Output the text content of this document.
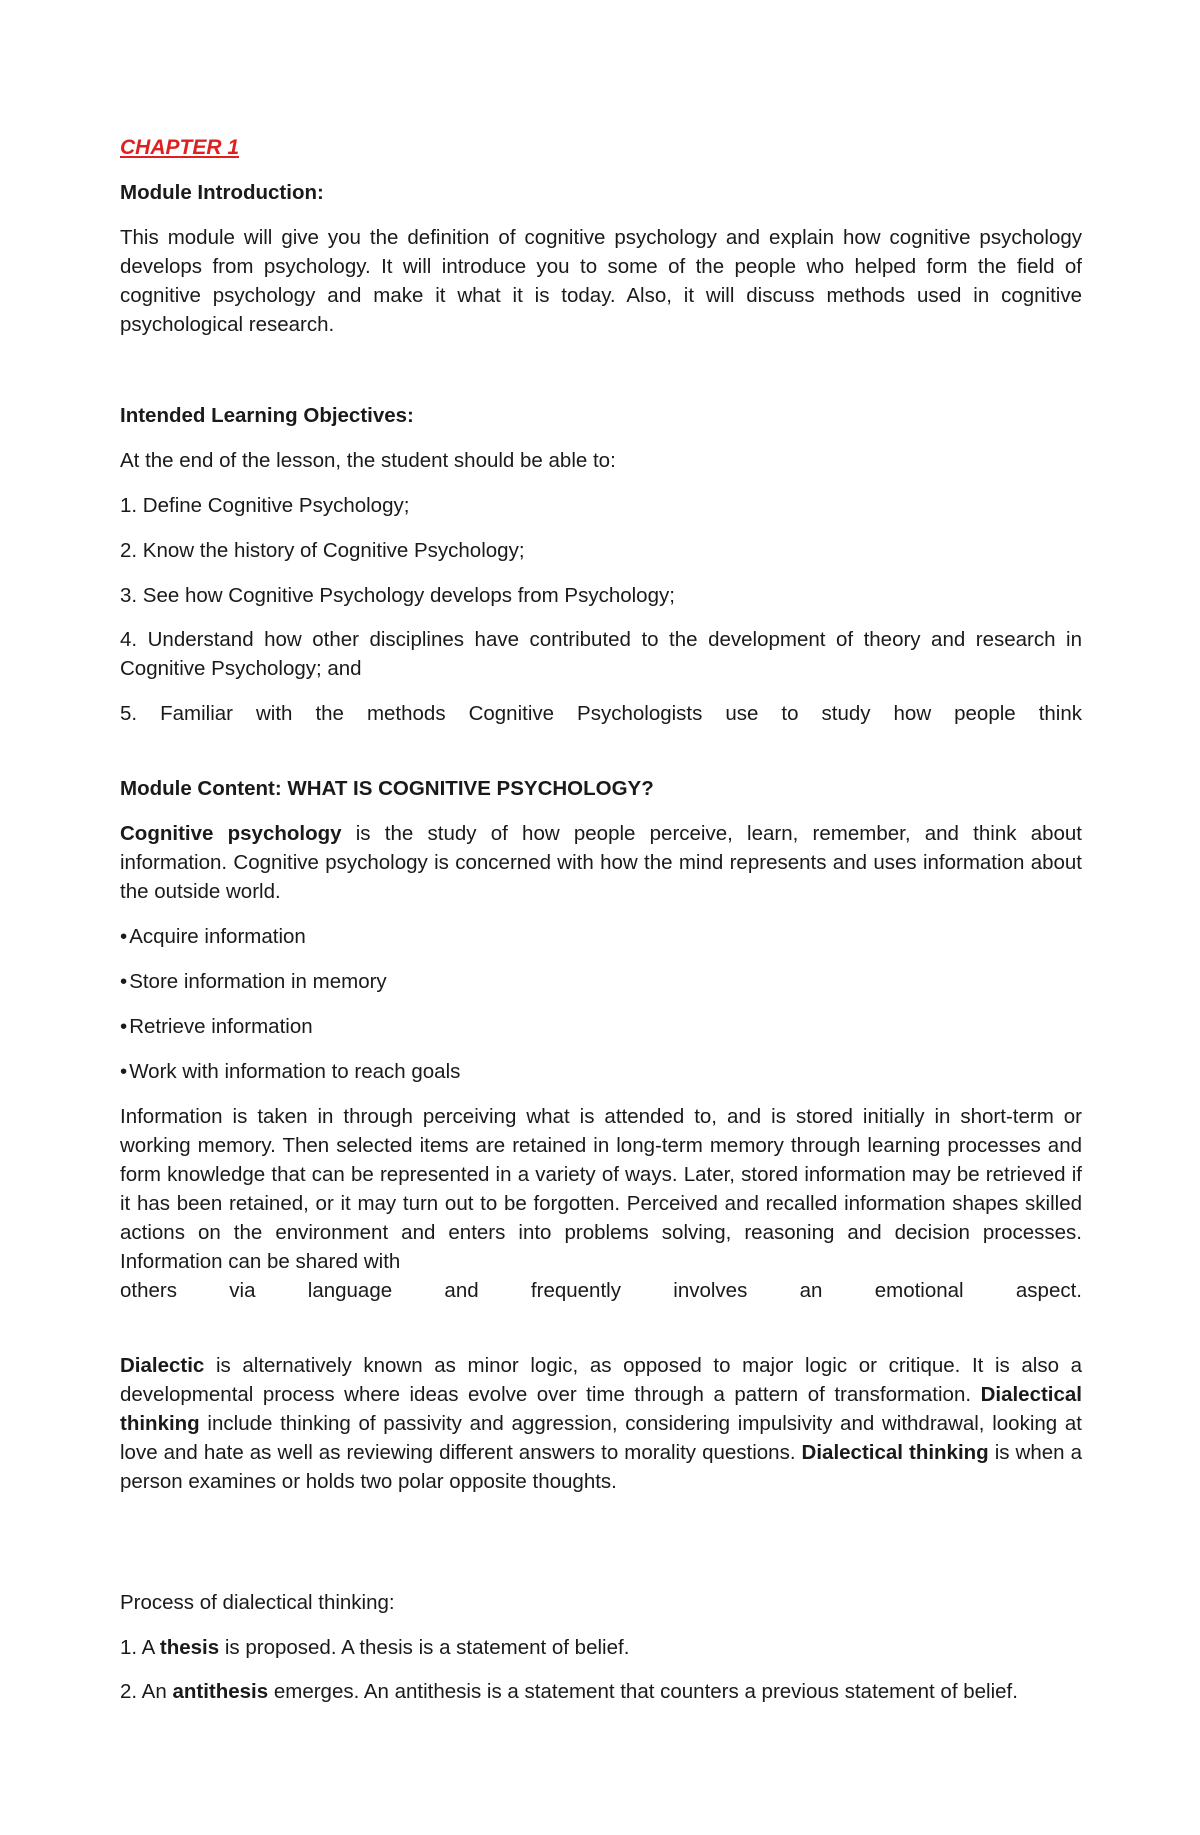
CHAPTER 1

Module Introduction:

This module will give you the definition of cognitive psychology and explain how cognitive psychology develops from psychology. It will introduce you to some of the people who helped form the field of cognitive psychology and make it what it is today. Also, it will discuss methods used in cognitive psychological research.

Intended Learning Objectives:

At the end of the lesson, the student should be able to:

1. Define Cognitive Psychology;

2. Know the history of Cognitive Psychology;

3. See how Cognitive Psychology develops from Psychology;

4. Understand how other disciplines have contributed to the development of theory and research in Cognitive Psychology; and

5. Familiar with the methods Cognitive Psychologists use to study how people think

Module Content: WHAT IS COGNITIVE PSYCHOLOGY?

Cognitive psychology is the study of how people perceive, learn, remember, and think about information. Cognitive psychology is concerned with how the mind represents and uses information about the outside world.

• Acquire information

• Store information in memory

• Retrieve information

• Work with information to reach goals

Information is taken in through perceiving what is attended to, and is stored initially in short-term or working memory. Then selected items are retained in long-term memory through learning processes and form knowledge that can be represented in a variety of ways. Later, stored information may be retrieved if it has been retained, or it may turn out to be forgotten. Perceived and recalled information shapes skilled actions on the environment and enters into problems solving, reasoning and decision processes. Information can be shared with

others via language and frequently involves an emotional aspect.

Dialectic is alternatively known as minor logic, as opposed to major logic or critique. It is also a developmental process where ideas evolve over time through a pattern of transformation. Dialectical thinking include thinking of passivity and aggression, considering impulsivity and withdrawal, looking at love and hate as well as reviewing different answers to morality questions. Dialectical thinking is when a person examines or holds two polar opposite thoughts.

Process of dialectical thinking:

1. A thesis is proposed. A thesis is a statement of belief.

2. An antithesis emerges. An antithesis is a statement that counters a previous statement of belief.
